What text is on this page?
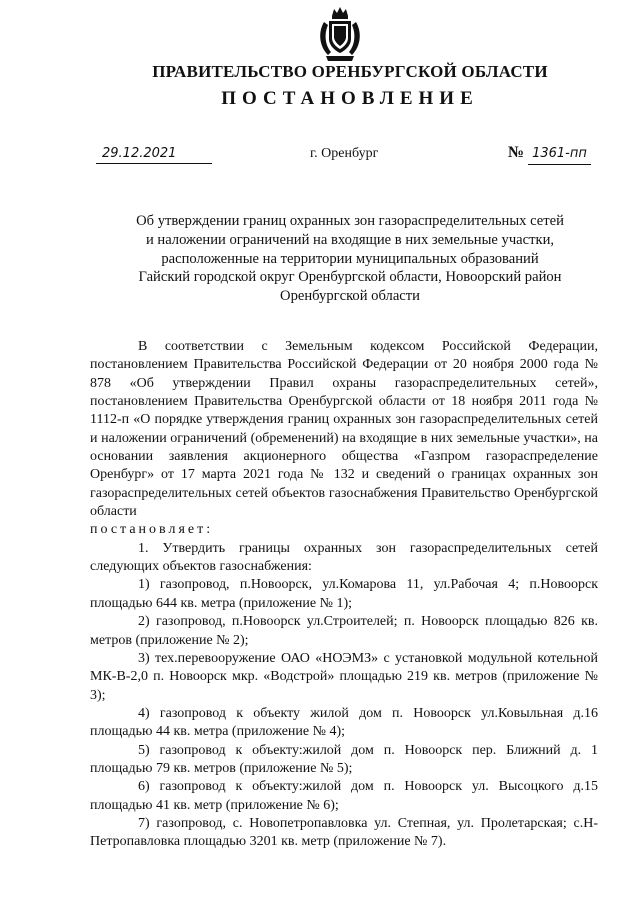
ПРАВИТЕЛЬСТВО ОРЕНБУРГСКОЙ ОБЛАСТИ
ПОСТАНОВЛЕНИЕ
29.12.2021	г. Оренбург	№ 1361-пп
Об утверждении границ охранных зон газораспределительных сетей
и наложении ограничений на входящие в них земельные участки,
расположенные на территории муниципальных образований
Гайский городской округ Оренбургской области, Новоорский район
Оренбургской области

В соответствии с Земельным кодексом Российской Федерации, постановлением Правительства Российской Федерации от 20 ноября 2000 года № 878 «Об утверждении Правил охраны газораспределительных сетей», постановлением Правительства Оренбургской области от 18 ноября 2011 года № 1112-п «О порядке утверждения границ охранных зон газораспределительных сетей и наложении ограничений (обременений) на входящие в них земельные участки», на основании заявления акционерного общества «Газпром газораспределение Оренбург» от 17 марта 2021 года № 132 и сведений о границах охранных зон газораспределительных сетей объектов газоснабжения Правительство Оренбургской области

постановляет:

1. Утвердить границы охранных зон газораспределительных сетей следующих объектов газоснабжения:

1) газопровод, п.Новоорск, ул.Комарова 11, ул.Рабочая 4; п.Новоорск площадью 644 кв. метра (приложение № 1);

2) газопровод, п.Новоорск ул.Строителей; п. Новоорск площадью 826 кв. метров (приложение № 2);

3) тех.перевооружение ОАО «НОЭМЗ» с установкой модульной котельной МК-В-2,0 п. Новоорск мкр. «Водстрой» площадью 219 кв. метров (приложение № 3);

4) газопровод к объекту жилой дом п. Новоорск ул.Ковыльная д.16 площадью 44 кв. метра (приложение № 4);

5) газопровод к объекту:жилой дом п. Новоорск пер. Ближний д. 1 площадью 79 кв. метров (приложение № 5);

6) газопровод к объекту:жилой дом п. Новоорск ул. Высоцкого д.15 площадью 41 кв. метр (приложение № 6);

7) газопровод, с. Новопетропавловка ул. Степная, ул. Пролетарская; с.Н-Петропавловка площадью 3201 кв. метр (приложение № 7).
